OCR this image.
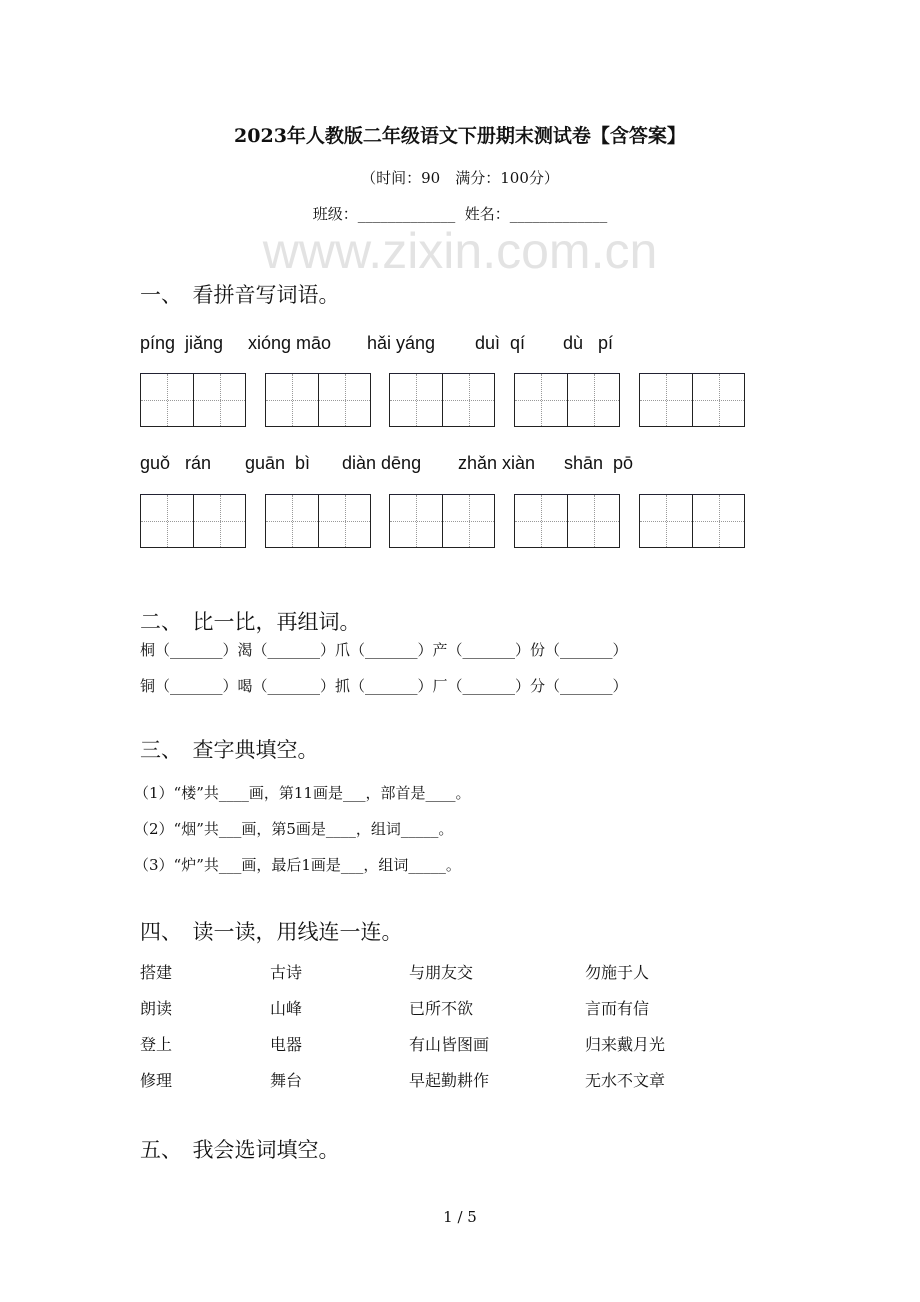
www.zixin.com.cn
2023年人教版二年级语文下册期末测试卷【含答案】
（时间：90　满分：100分）
班级：_____________  姓名：_____________
一、　看拼音写词语。
píng  jiǎng xióng māo hǎi yáng duì  qí dù   pí
guǒ   rán guān  bì diàn dēng zhǎn xiàn shān  pō
二、　比一比，再组词。
桐（_______）渴（_______）爪（_______）产（_______）份（_______）
铜（_______）喝（_______）抓（_______）厂（_______）分（_______）
三、　查字典填空。
（1）“楼”共____画，第11画是___，部首是____。
（2）“烟”共___画，第5画是____，组词_____。
（3）“炉”共___画，最后1画是___，组词_____。
四、　读一读，用线连一连。
五、　我会选词填空。
1 / 5
搭建	古诗	与朋友交	勿施于人
朗读	山峰	已所不欲	言而有信
登上	电器	有山皆图画	归来戴月光
修理	舞台	早起勤耕作	无水不文章
